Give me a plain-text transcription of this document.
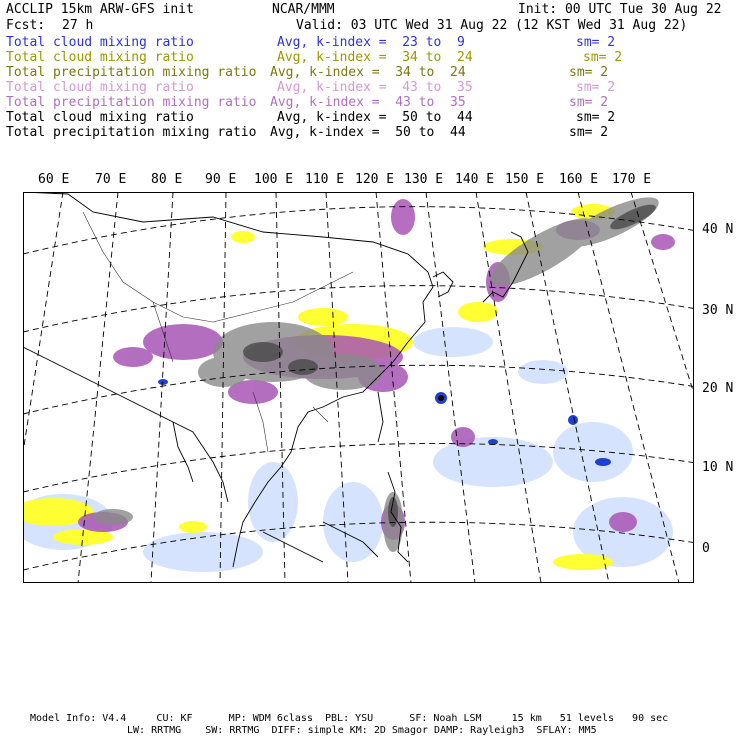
ACCLIP 15km ARW-GFS init	NCAR/MMM	Init: 00 UTC Tue 30 Aug 22
Fcst: 27 h	Valid: 03 UTC Wed 31 Aug 22 (12 KST Wed 31 Aug 22)
Total cloud mixing ratio	Avg, k-index =  23 to  9	sm= 2
Total cloud mixing ratio	Avg, k-index =  34 to  24	sm= 2
Total precipitation mixing ratio Avg, k-index =  34 to  24	sm= 2
Total cloud mixing ratio	Avg, k-index =  43 to  35	sm= 2
Total precipitation mixing ratio Avg, k-index =  43 to  35	sm= 2
Total cloud mixing ratio	Avg, k-index =  50 to  44	sm= 2
Total precipitation mixing ratio Avg, k-index =  50 to  44	sm= 2
60 E 70 E 80 E 90 E 100 E 110 E 120 E 130 E 140 E 150 E 160 E 170 E
40 N
30 N
20 N
10 N
0
Model Info: V4.4     CU: KF      MP: WDM 6class  PBL: YSU      SF: Noah LSM     15 km   51 levels   90 sec
LW: RRTMG    SW: RRTMG  DIFF: simple KM: 2D Smagor DAMP: Rayleigh3  SFLAY: MM5
